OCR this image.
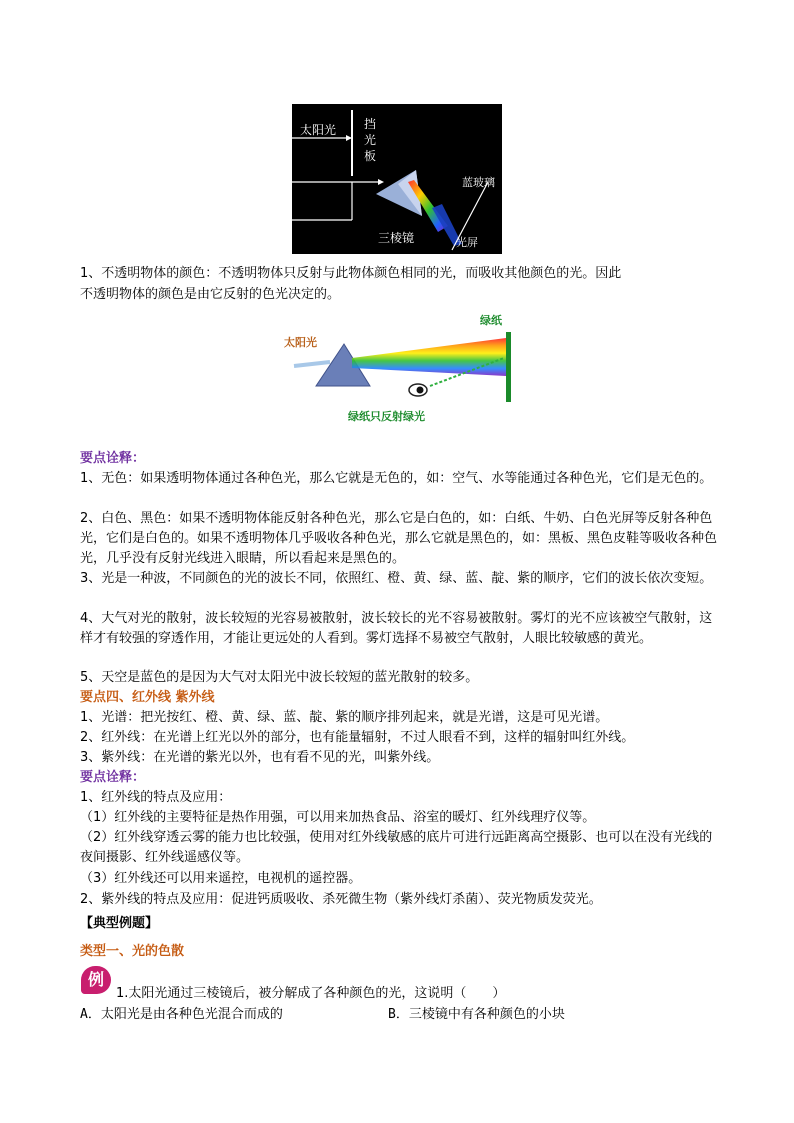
太阳光 挡
光
板
蓝玻璃
三棱镜	光屏
1、不透明物体的颜色：不透明物体只反射与此物体颜色相同的光，而吸收其他颜色的光。因此
不透明物体的颜色是由它反射的色光决定的。
太阳光
绿纸
绿纸只反射绿光
要点诠释：
1、无色：如果透明物体通过各种色光，那么它就是无色的，如：空气、水等能通过各种色光，它们是无色的。
2、白色、黑色：如果不透明物体能反射各种色光，那么它是白色的，如：白纸、牛奶、白色光屏等反射各种色光，它们是白色的。如果不透明物体几乎吸收各种色光，那么它就是黑色的，如：黑板、黑色皮鞋等吸收各种色光，几乎没有反射光线进入眼睛，所以看起来是黑色的。
3、光是一种波，不同颜色的光的波长不同，依照红、橙、黄、绿、蓝、靛、紫的顺序，它们的波长依次变短。
4、大气对光的散射，波长较短的光容易被散射，波长较长的光不容易被散射。雾灯的光不应该被空气散射，这样才有较强的穿透作用，才能让更远处的人看到。雾灯选择不易被空气散射，人眼比较敏感的黄光。
5、天空是蓝色的是因为大气对太阳光中波长较短的蓝光散射的较多。
要点四、红外线 紫外线
1、光谱：把光按红、橙、黄、绿、蓝、靛、紫的顺序排列起来，就是光谱，这是可见光谱。
2、红外线：在光谱上红光以外的部分，也有能量辐射，不过人眼看不到，这样的辐射叫红外线。
3、紫外线：在光谱的紫光以外，也有看不见的光，叫紫外线。
要点诠释：
1、红外线的特点及应用：
（1）红外线的主要特征是热作用强，可以用来加热食品、浴室的暖灯、红外线理疗仪等。
（2）红外线穿透云雾的能力也比较强，使用对红外线敏感的底片可进行远距离高空摄影、也可以在没有光线的夜间摄影、红外线遥感仪等。
（3）红外线还可以用来遥控，电视机的遥控器。
2、紫外线的特点及应用：促进钙质吸收、杀死微生物（紫外线灯杀菌）、荧光物质发荧光。
【典型例题】
类型一、光的色散
例
1.太阳光通过三棱镜后，被分解成了各种颜色的光，这说明（　　）
A．太阳光是由各种色光混合而成的	B．三棱镜中有各种颜色的小块
